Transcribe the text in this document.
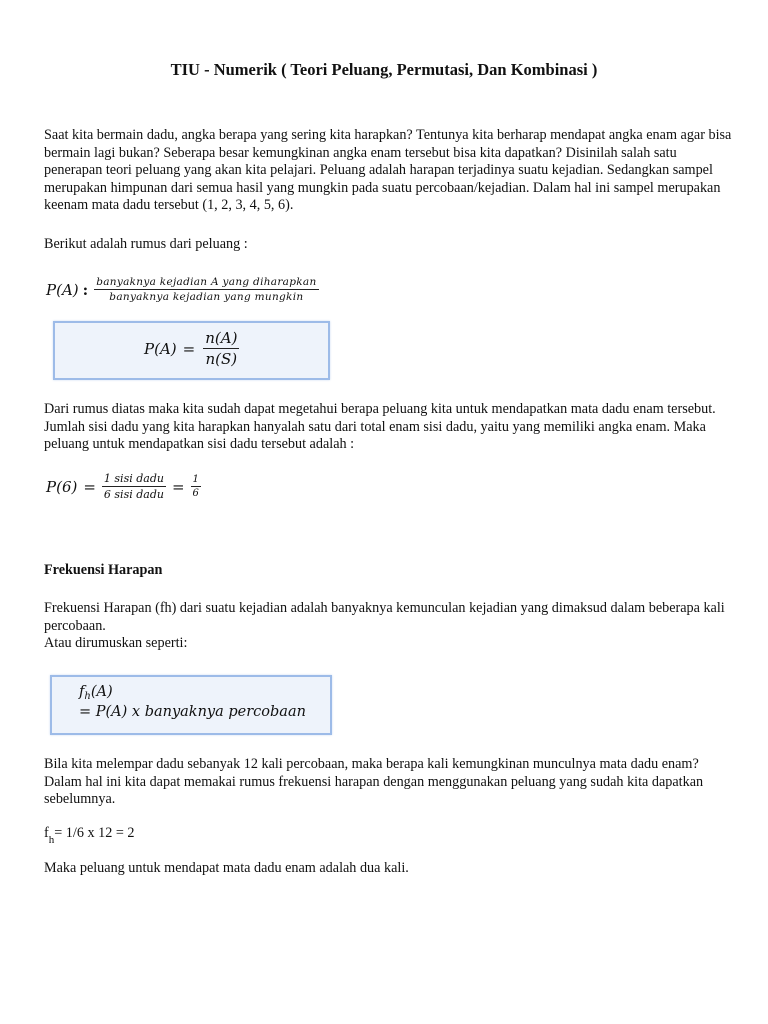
TIU - Numerik ( Teori Peluang, Permutasi, Dan Kombinasi )
Saat kita bermain dadu, angka berapa yang sering kita harapkan? Tentunya kita berharap mendapat angka enam agar bisa bermain lagi bukan? Seberapa besar kemungkinan angka enam tersebut bisa kita dapatkan? Disinilah salah satu penerapan teori peluang yang akan kita pelajari. Peluang adalah harapan terjadinya suatu kejadian. Sedangkan sampel merupakan himpunan dari semua hasil yang mungkin pada suatu percobaan/kejadian. Dalam hal ini sampel merupakan keenam mata dadu tersebut (1, 2, 3, 4, 5, 6).
Berikut adalah rumus dari peluang :
P(A) : $\frac{\text{banyaknya kejadian A yang diharapkan}}{\text{banyaknya kejadian yang mungkin}}$
$P(A) = \frac{n(A)}{n(S)}$
Dari rumus diatas maka kita sudah dapat megetahui berapa peluang kita untuk mendapatkan mata dadu enam tersebut. Jumlah sisi dadu yang kita harapkan hanyalah satu dari total enam sisi dadu, yaitu yang memiliki angka enam. Maka peluang untuk mendapatkan sisi dadu tersebut adalah :
$P(6) = \frac{\text{1 sisi dadu}}{\text{6 sisi dadu}} = \frac{1}{6}$
Frekuensi Harapan
Frekuensi Harapan (fh) dari suatu kejadian adalah banyaknya kemunculan kejadian yang dimaksud dalam beberapa kali percobaan.
Atau dirumuskan seperti:
$f_h(A)$
= P(A) x banyaknya percobaan
Bila kita melempar dadu sebanyak 12 kali percobaan, maka berapa kali kemungkinan munculnya mata dadu enam? Dalam hal ini kita dapat memakai rumus frekuensi harapan dengan menggunakan peluang yang sudah kita dapatkan sebelumnya.
$f_h= 1/6$ x 12 = 2
Maka peluang untuk mendapat mata dadu enam adalah dua kali.
